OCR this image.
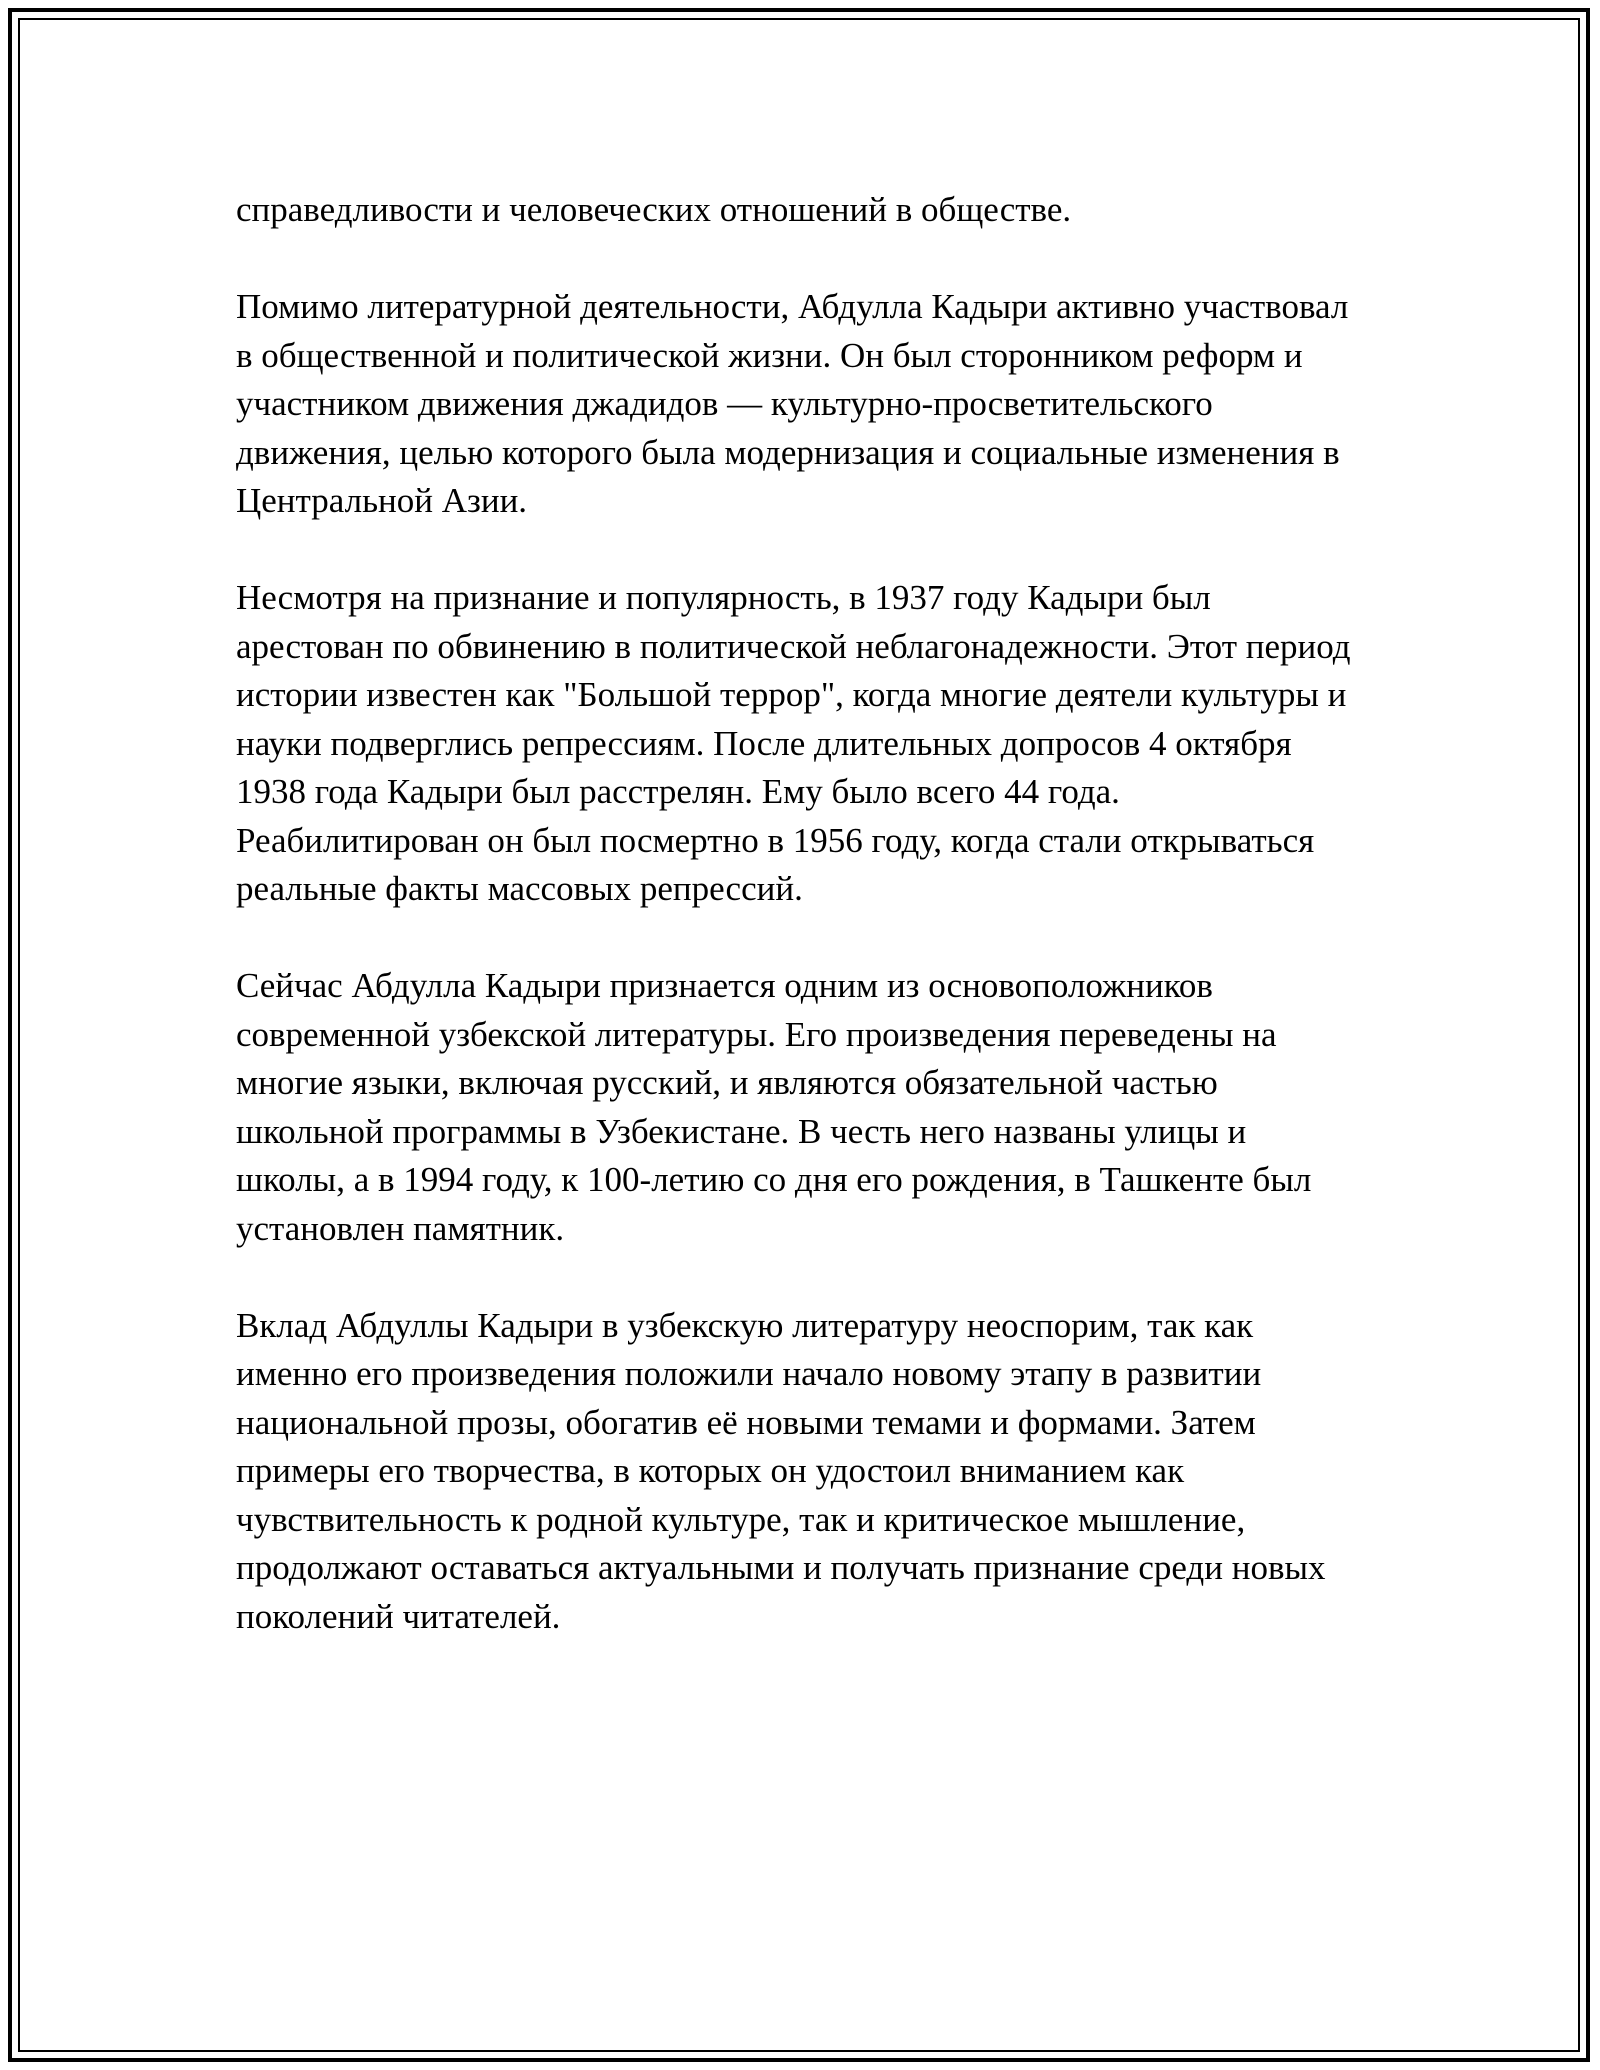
справедливости и человеческих отношений в обществе.

Помимо литературной деятельности, Абдулла Кадыри активно участвовал в общественной и политической жизни. Он был сторонником реформ и участником движения джадидов — культурно-просветительского движения, целью которого была модернизация и социальные изменения в Центральной Азии.

Несмотря на признание и популярность, в 1937 году Кадыри был арестован по обвинению в политической неблагонадежности. Этот период истории известен как "Большой террор", когда многие деятели культуры и науки подверглись репрессиям. После длительных допросов 4 октября 1938 года Кадыри был расстрелян. Ему было всего 44 года. Реабилитирован он был посмертно в 1956 году, когда стали открываться реальные факты массовых репрессий.

Сейчас Абдулла Кадыри признается одним из основоположников современной узбекской литературы. Его произведения переведены на многие языки, включая русский, и являются обязательной частью школьной программы в Узбекистане. В честь него названы улицы и школы, а в 1994 году, к 100-летию со дня его рождения, в Ташкенте был установлен памятник.

Вклад Абдуллы Кадыри в узбекскую литературу неоспорим, так как именно его произведения положили начало новому этапу в развитии национальной прозы, обогатив её новыми темами и формами. Затем примеры его творчества, в которых он удостоил вниманием как чувствительность к родной культуре, так и критическое мышление, продолжают оставаться актуальными и получать признание среди новых поколений читателей.
